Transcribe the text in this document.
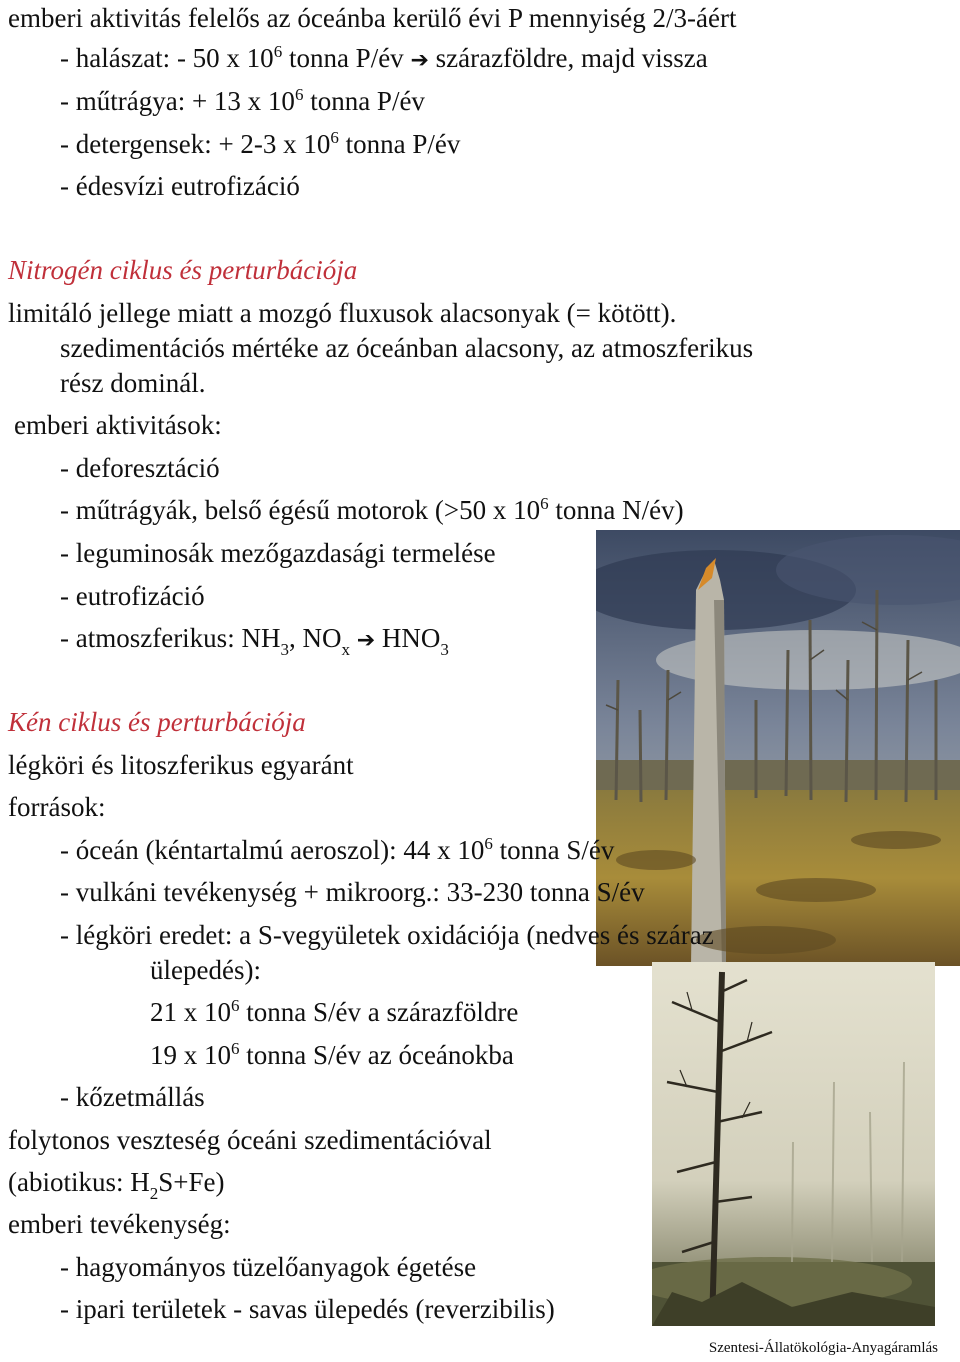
emberi aktivitás felelős az óceánba kerülő évi P mennyiség 2/3-áért
- halászat: - 50 x $10^6$ tonna P/év ➔ szárazföldre, majd vissza
- műtrágya: + 13 x $10^6$ tonna P/év
- detergensek: + 2-3 x $10^6$ tonna P/év
- édesvízi eutrofizáció
Nitrogén ciklus és perturbációja
limitáló jellege miatt a mozgó fluxusok alacsonyak (= kötött).
szedimentációs mértéke az óceánban alacsony, az atmoszferikus
rész dominál.
emberi aktivitások:
- deforesztáció
- műtrágyák, belső égésű motorok (>50 x $10^6$ tonna N/év)
- leguminosák mezőgazdasági termelése
- eutrofizáció
- atmoszferikus: $NH_3$, $NO_x$ ➔ $HNO_3$
Kén ciklus és perturbációja
légköri és litoszferikus egyaránt
források:
- óceán (kéntartalmú aeroszol): 44 x $10^6$ tonna S/év
- vulkáni tevékenység + mikroorg.: 33-230 tonna S/év
- légköri eredet: a S-vegyületek oxidációja (nedves és száraz
ülepedés):
21 x $10^6$ tonna S/év a szárazföldre
19 x $10^6$ tonna S/év az óceánokba
- kőzetmállás
folytonos veszteség óceáni szedimentációval
(abiotikus: $H_2S+Fe$)
emberi tevékenység:
- hagyományos tüzelőanyagok égetése
- ipari területek - savas ülepedés (reverzibilis)
Szentesi-Állatökológia-Anyagáramlás
